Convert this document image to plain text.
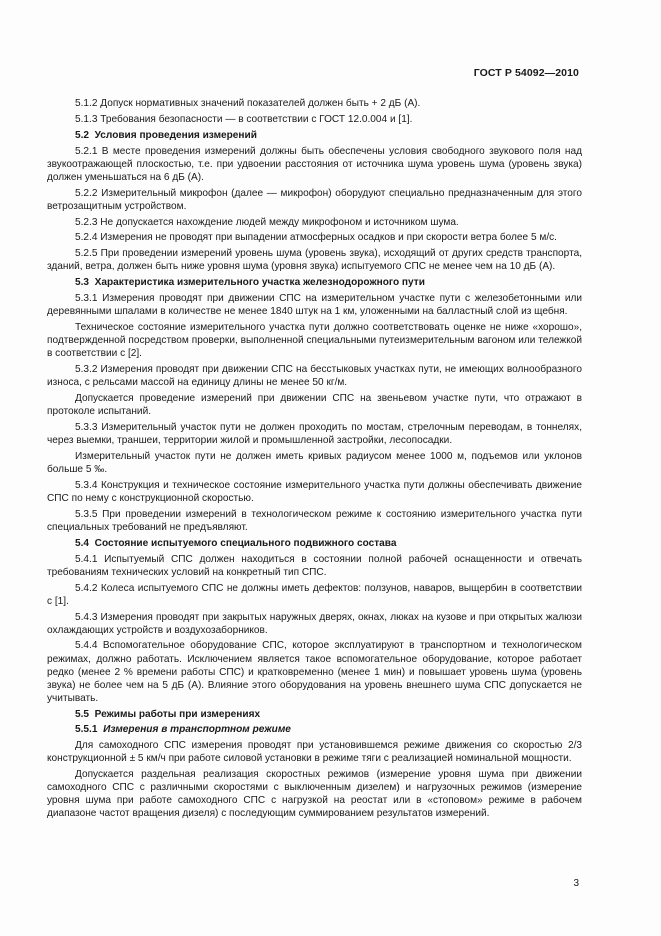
ГОСТ Р 54092—2010
5.1.2 Допуск нормативных значений показателей должен быть + 2 дБ (А).
5.1.3 Требования безопасности — в соответствии с ГОСТ 12.0.004 и [1].
5.2 Условия проведения измерений
5.2.1 В месте проведения измерений должны быть обеспечены условия свободного звукового поля над звукоотражающей плоскостью, т.е. при удвоении расстояния от источника шума уровень шума (уровень звука) должен уменьшаться на 6 дБ (А).
5.2.2 Измерительный микрофон (далее — микрофон) оборудуют специально предназначенным для этого ветрозащитным устройством.
5.2.3 Не допускается нахождение людей между микрофоном и источником шума.
5.2.4 Измерения не проводят при выпадении атмосферных осадков и при скорости ветра более 5 м/с.
5.2.5 При проведении измерений уровень шума (уровень звука), исходящий от других средств транспорта, зданий, ветра, должен быть ниже уровня шума (уровня звука) испытуемого СПС не менее чем на 10 дБ (А).
5.3 Характеристика измерительного участка железнодорожного пути
5.3.1 Измерения проводят при движении СПС на измерительном участке пути с железобетонными или деревянными шпалами в количестве не менее 1840 штук на 1 км, уложенными на балластный слой из щебня.
Техническое состояние измерительного участка пути должно соответствовать оценке не ниже «хорошо», подтвержденной посредством проверки, выполненной специальными путеизмерительным вагоном или тележкой в соответствии с [2].
5.3.2 Измерения проводят при движении СПС на бесстыковых участках пути, не имеющих волнообразного износа, с рельсами массой на единицу длины не менее 50 кг/м.
Допускается проведение измерений при движении СПС на звеньевом участке пути, что отражают в протоколе испытаний.
5.3.3 Измерительный участок пути не должен проходить по мостам, стрелочным переводам, в тоннелях, через выемки, траншеи, территории жилой и промышленной застройки, лесопосадки.
Измерительный участок пути не должен иметь кривых радиусом менее 1000 м, подъемов или уклонов больше 5 ‰.
5.3.4 Конструкция и техническое состояние измерительного участка пути должны обеспечивать движение СПС по нему с конструкционной скоростью.
5.3.5 При проведении измерений в технологическом режиме к состоянию измерительного участка пути специальных требований не предъявляют.
5.4 Состояние испытуемого специального подвижного состава
5.4.1 Испытуемый СПС должен находиться в состоянии полной рабочей оснащенности и отвечать требованиям технических условий на конкретный тип СПС.
5.4.2 Колеса испытуемого СПС не должны иметь дефектов: ползунов, наваров, выщербин в соответствии с [1].
5.4.3 Измерения проводят при закрытых наружных дверях, окнах, люках на кузове и при открытых жалюзи охлаждающих устройств и воздухозаборников.
5.4.4 Вспомогательное оборудование СПС, которое эксплуатируют в транспортном и технологическом режимах, должно работать. Исключением является такое вспомогательное оборудование, которое работает редко (менее 2 % времени работы СПС) и кратковременно (менее 1 мин) и повышает уровень шума (уровень звука) не более чем на 5 дБ (А). Влияние этого оборудования на уровень внешнего шума СПС допускается не учитывать.
5.5 Режимы работы при измерениях
5.5.1 Измерения в транспортном режиме
Для самоходного СПС измерения проводят при установившемся режиме движения со скоростью 2/3 конструкционной ± 5 км/ч при работе силовой установки в режиме тяги с реализацией номинальной мощности.
Допускается раздельная реализация скоростных режимов (измерение уровня шума при движении самоходного СПС с различными скоростями с выключенным дизелем) и нагрузочных режимов (измерение уровня шума при работе самоходного СПС с нагрузкой на реостат или в «стоповом» режиме в рабочем диапазоне частот вращения дизеля) с последующим суммированием результатов измерений.
3
